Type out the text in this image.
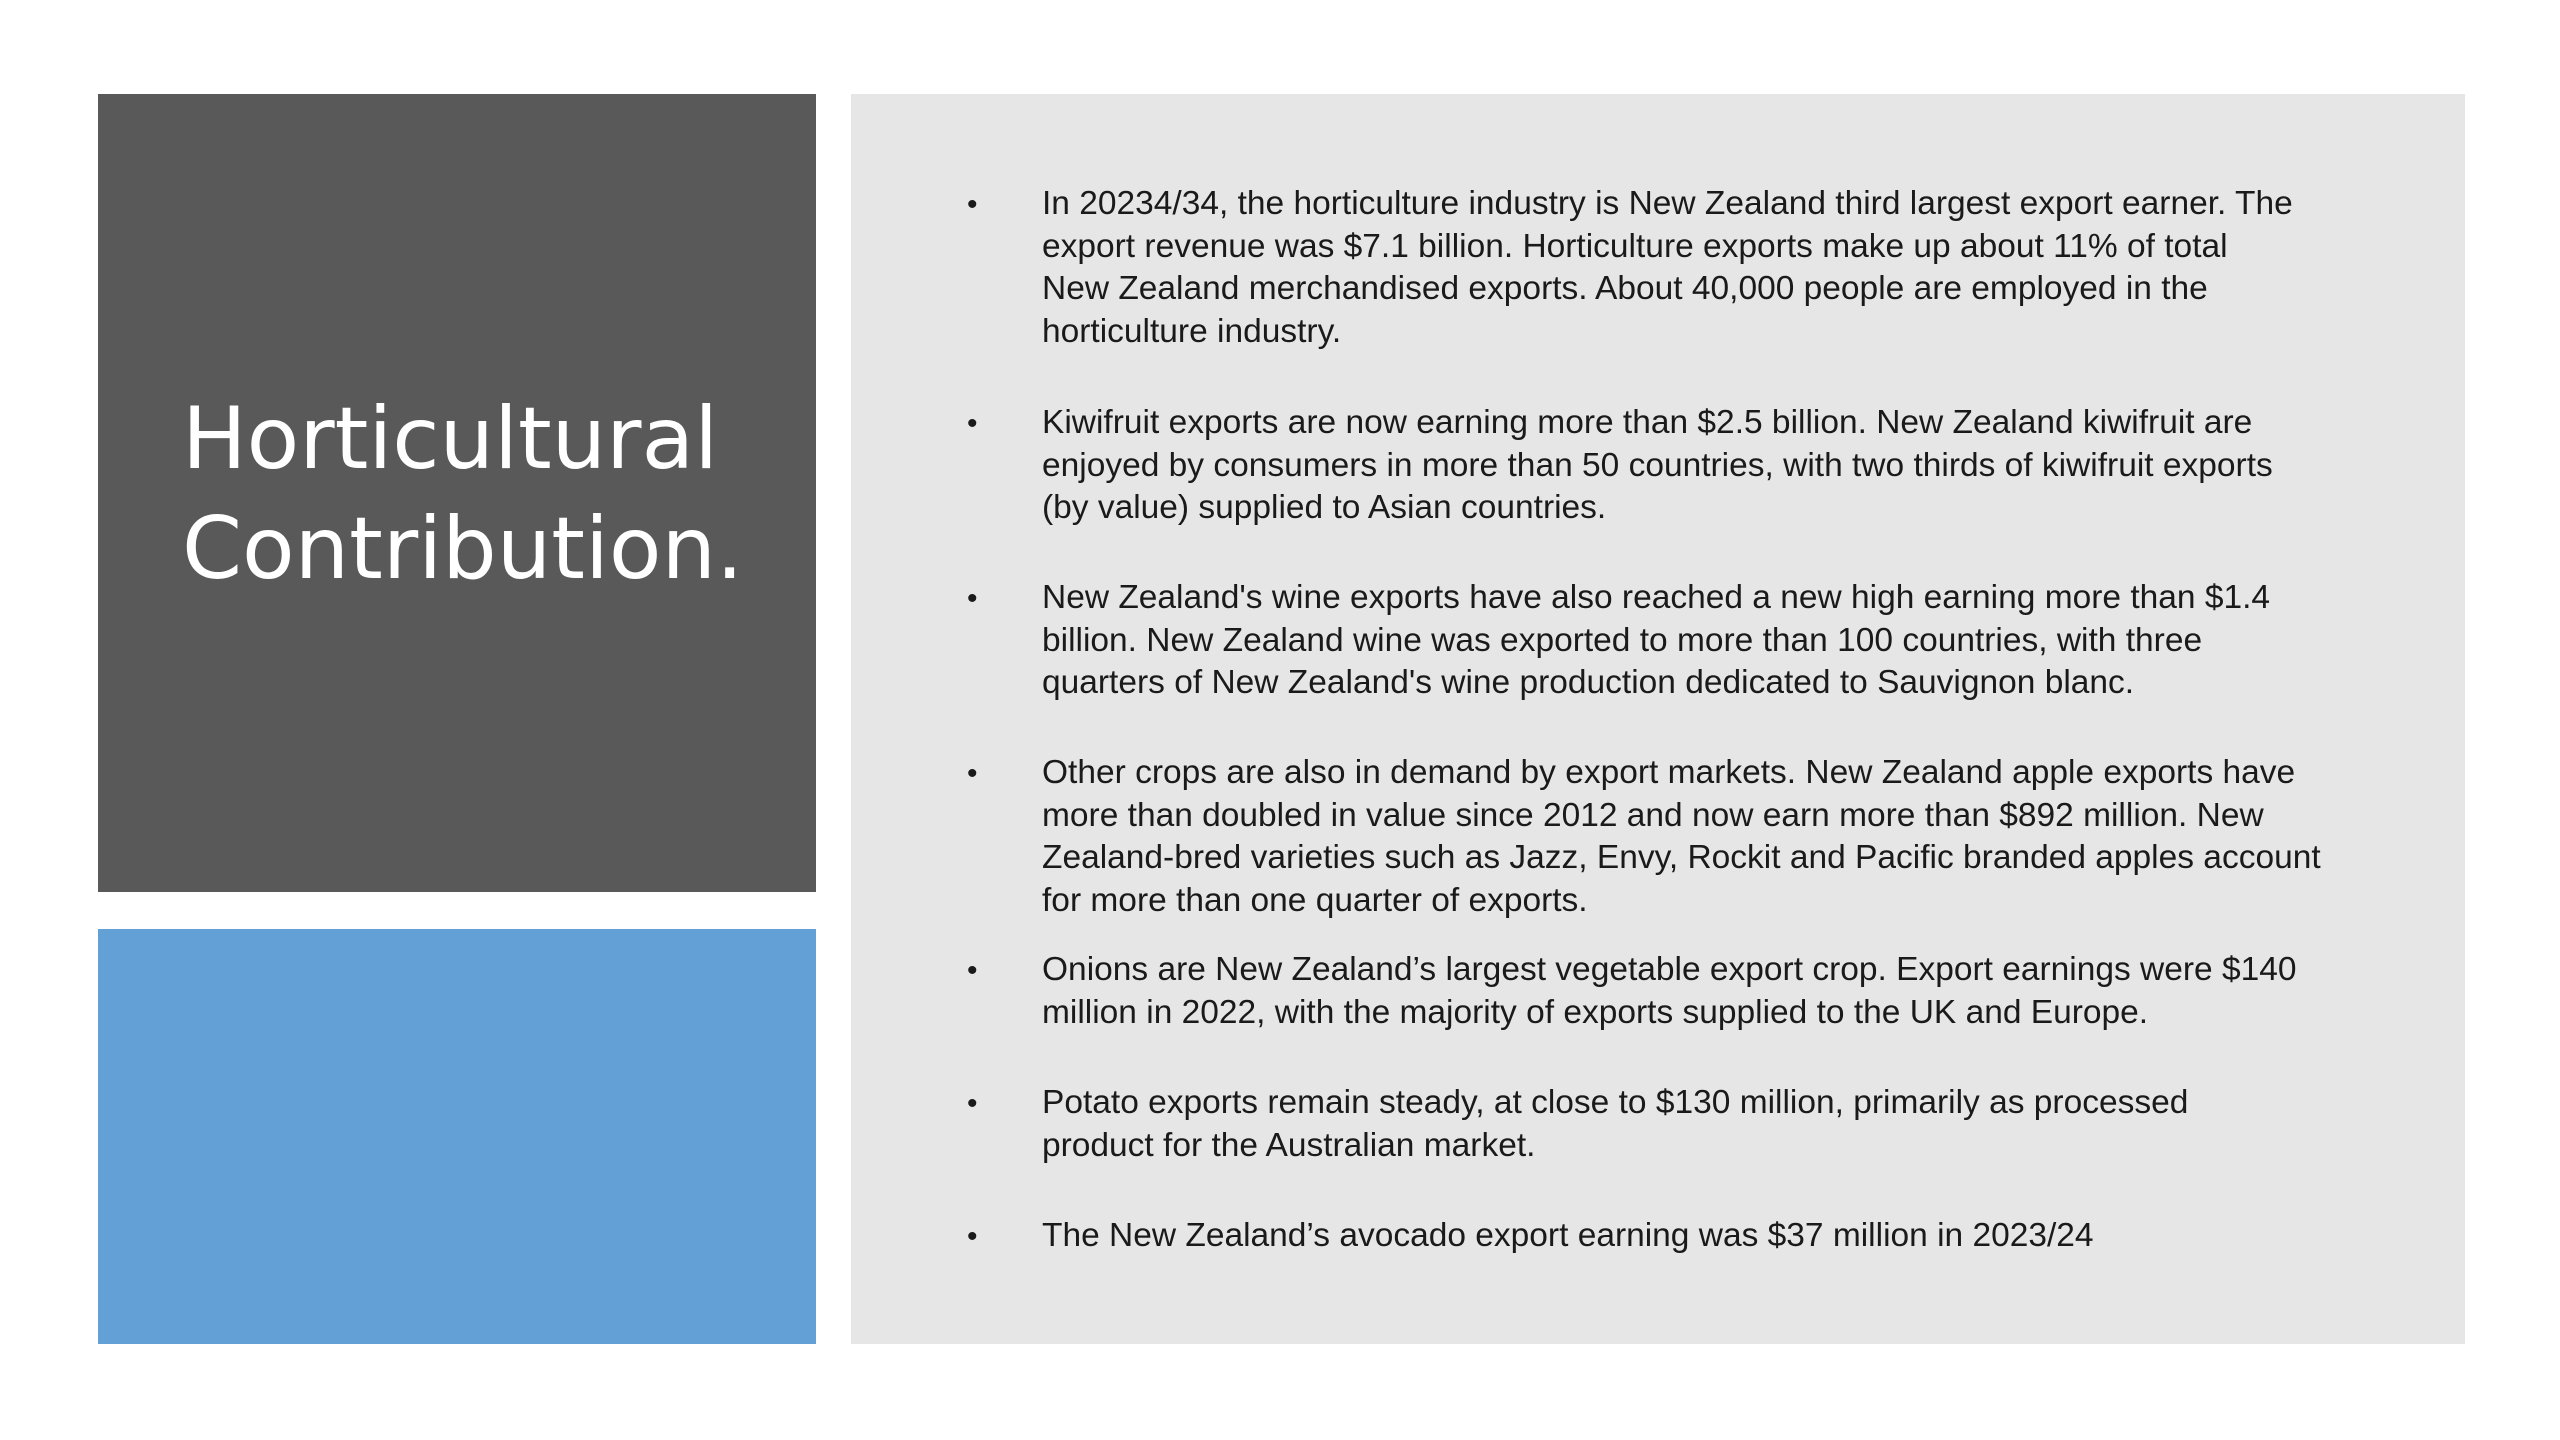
Horticultural
Contribution.
• In 20234/34, the horticulture industry is New Zealand third largest export earner. The
export revenue was $7.1 billion. Horticulture exports make up about 11% of total
New Zealand merchandised exports. About 40,000 people are employed in the
horticulture industry.

• Kiwifruit exports are now earning more than $2.5 billion. New Zealand kiwifruit are
enjoyed by consumers in more than 50 countries, with two thirds of kiwifruit exports
(by value) supplied to Asian countries.

• New Zealand's wine exports have also reached a new high earning more than $1.4
billion. New Zealand wine was exported to more than 100 countries, with three
quarters of New Zealand's wine production dedicated to Sauvignon blanc.

• Other crops are also in demand by export markets. New Zealand apple exports have
more than doubled in value since 2012 and now earn more than $892 million. New
Zealand-bred varieties such as Jazz, Envy, Rockit and Pacific branded apples account
for more than one quarter of exports.

• Onions are New Zealand’s largest vegetable export crop. Export earnings were $140
million in 2022, with the majority of exports supplied to the UK and Europe.

• Potato exports remain steady, at close to $130 million, primarily as processed
product for the Australian market.

• The New Zealand’s avocado export earning was $37 million in 2023/24
